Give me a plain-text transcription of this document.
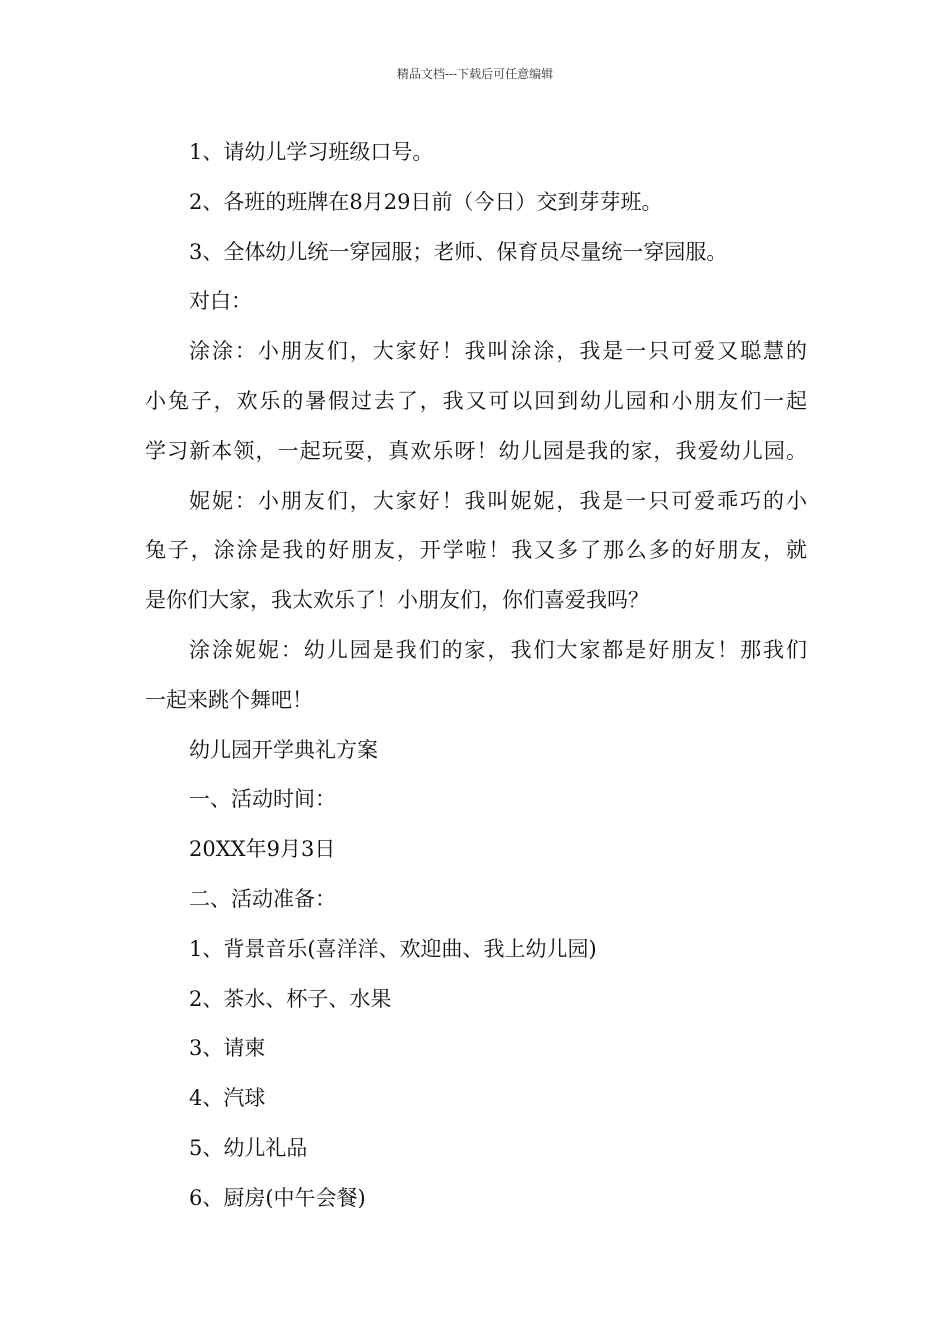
精品文档---下载后可任意编辑
1、请幼儿学习班级口号。
2、各班的班牌在8月29日前（今日）交到芽芽班。
3、全体幼儿统一穿园服；老师、保育员尽量统一穿园服。
对白：
涂涂：小朋友们，大家好！我叫涂涂，我是一只可爱又聪慧的
小兔子，欢乐的暑假过去了，我又可以回到幼儿园和小朋友们一起
学习新本领，一起玩耍，真欢乐呀！幼儿园是我的家，我爱幼儿园。
妮妮：小朋友们，大家好！我叫妮妮，我是一只可爱乖巧的小
兔子，涂涂是我的好朋友，开学啦！我又多了那么多的好朋友，就
是你们大家，我太欢乐了！小朋友们，你们喜爱我吗？
涂涂妮妮：幼儿园是我们的家，我们大家都是好朋友！那我们
一起来跳个舞吧！
幼儿园开学典礼方案
一、活动时间：
20XX年9月3日
二、活动准备：
1、背景音乐(喜洋洋、欢迎曲、我上幼儿园)
2、茶水、杯子、水果
3、请柬
4、汽球
5、幼儿礼品
6、厨房(中午会餐)
